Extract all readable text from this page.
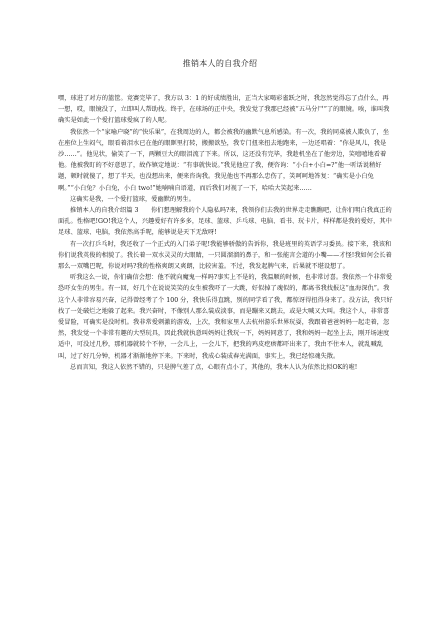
推销本人的自我介绍

嘿，球进了对方的篮筐。竞赛完毕了，我方以 3：1 的好成绩胜出，正当大家喝彩雀跃之时，我忽然觉得忘了点什么，再一想，哎，眼镜没了，立即叫人帮助找。终于，在球场的正中央，我发觉了我那已经被“五马分尸”了的眼镜。唉，谁叫我确实是如此一个爱打篮球爱疯了的人呢。

我依然一个“家喻户晓”的“快乐果”，在我周边的人，都会被我的幽默气息所感染。有一次，我的同桌被人欺负了，坐在座位上生闷气，眼看着泪水已在他的眼眶里打转，搬搬欲坠，我专门扭来扭去地跑来，一边还唱着：“你是风儿，我是沙……”。他见状，偷笑了一下，两颗豆大的眼泪流了下来。所以，这还没有完毕，我趁机坐在了他旁边，笑嘻嘻地看着他。他被我盯的不好意思了，故作镇定地说：“有事就快说。”我见他应了我，便咨询：“小白+小白=?”他一听话说稍好题，顿时就傻了，想了半天，也没想出来，便来咨询我。我见他也不再那么忠伤了，笑呵呵地答复：“确实是小白兔啊。”“小白兔？小白兔，小白 two!”她喃喃自语道，而后我们对视了一下，哈哈大笑起来……

这确实是我，一个爱打篮球，爱幽默的男生。

推销本人的自我介绍篇 3　　你们想理解我的个人隐私吗?来，我领你们去我的世界走走瞧瞧吧，让你们明白我真正的面孔。性格吧!GO!我这个人，兴趣爱好有许多多，足球、篮球、乒乓球、电脑、看书、玩卡片，样样都是我的爱好，其中足球、篮球、电脑，我依然高手呢，能够说是天下无敌呀!

有一次打乒乓时，我还收了一个正式的入门弟子呢!我能够骄傲的告诉你，我是班里的英语学习委员。接下来，我该和你们说我英俊的相貌了。我长着一双水灵灵的大眼睛，一只圆溜溜的鼻子，和一张能言会道的小嘴——才怪!我如何会长着那么一双嘴巴呢，你说对吗?我的性格爽朗又爽朗，比较害羞。不过，我发起脾气来，后果就不堪设想了。

听我这么一说，你们确信会想：他不就向魔鬼一样吗?事实上不是的，我温顺的时候，也非常讨喜。我依然一个非常爱恐吓女生的男生。有一回，好几个在说说笑笑的女生被我吓了一大跳，好似掉了魂似的，都离书我找报这“血海深仇”。我这个人非常容易兴奋，记得曾经考了个 100 分，我快乐得直跳，别的同学看了我，都惊讶得扭得身来了。没方法，我只好找了一处破烂之地躲了起来。我兴奋时，不像别人那么装成淡事，而是蹦来又跳去，或是大喊又大叫。我这个人，非常喜爱冒险，可确实是没时机。我非常爱刺激的游戏，上次，我和家里人去杭州游乐世界玩耍，我跟着爸爸妈妈一起走着，忽然，我发觉一个非常有趣的大型玩具，因此我就执意叫妈妈让我玩一下，妈妈同意了，我和妈妈一起坐上去，刚开场速度适中，可没过几秒，那机器就转个不停，一会儿上，一会儿下，把我的鸡皮疙瘩都吓出来了，我由不住本人，就乱喊乱叫，过了好几分钟，机器才渐渐地停下来。下来时，我成心装成春光满面，事实上，我已经惊魂失散。

总而言知，我这人依然不错的，只是脾气差了点，心眼有点小了，其他的，我本人认为依然比拟OK的啦!
